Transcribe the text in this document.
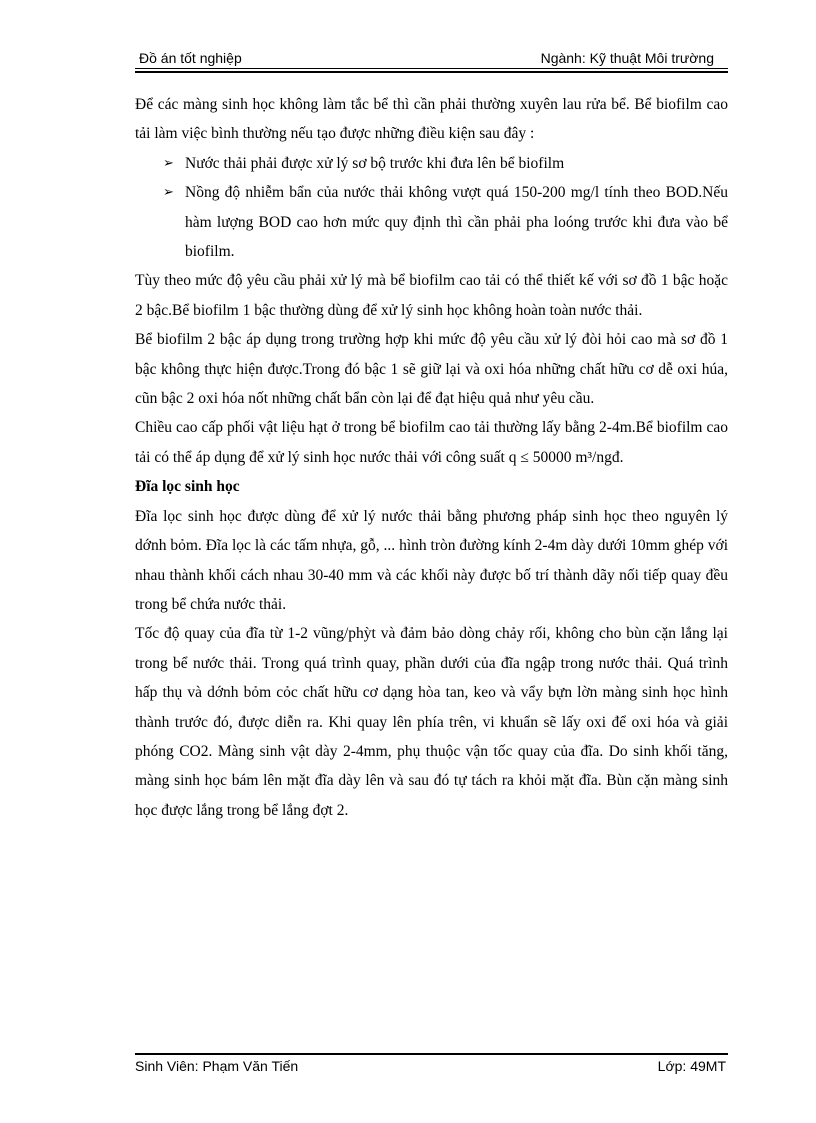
Đồ án tốt nghiệp	Ngành: Kỹ thuật Môi trường

Để các màng sinh học không làm tắc bể thì cần phải thường xuyên lau rửa bể. Bể biofilm cao tải làm việc bình thường nếu tạo được những điều kiện sau đây :

➢ Nước thải phải được xử lý sơ bộ trước khi đưa lên bể biofilm
➢ Nồng độ nhiễm bẩn của nước thải không vượt quá 150-200 mg/l tính theo BOD.Nếu hàm lượng BOD cao hơn mức quy định thì cần phải pha loóng trước khi đưa vào bể biofilm.

Tùy theo mức độ yêu cầu phải xử lý mà bể biofilm cao tải có thể thiết kế với sơ đồ 1 bậc hoặc 2 bậc.Bể biofilm 1 bậc thường dùng để xử lý sinh học không hoàn toàn nước thải.

Bể biofilm 2 bậc áp dụng trong trường hợp khi mức độ yêu cầu xử lý đòi hỏi cao mà sơ đồ 1 bậc không thực hiện được.Trong đó bậc 1 sẽ giữ lại và oxi hóa những chất hữu cơ dễ oxi húa, cũn bậc 2 oxi hóa nốt những chất bẩn còn lại để đạt hiệu quả như yêu cầu.

Chiều cao cấp phối vật liệu hạt ở trong bể biofilm cao tải thường lấy bằng 2-4m.Bể biofilm cao tải có thể áp dụng để xử lý sinh học nước thải với công suất q ≤ 50000 m³/ngđ.

Đĩa lọc sinh học

Đĩa lọc sinh học được dùng để xử lý nước thải bằng phương pháp sinh học theo nguyên lý dớnh bỏm. Đĩa lọc là các tấm nhựa, gỗ, ... hình tròn đường kính 2-4m dày dưới 10mm ghép với nhau thành khối cách nhau 30-40 mm và các khối này được bố trí thành dãy nối tiếp quay đều trong bể chứa nước thải.

Tốc độ quay của đĩa từ 1-2 vũng/phỳt và đảm bảo dòng chảy rối, không cho bùn cặn lắng lại trong bể nước thải. Trong quá trình quay, phần dưới của đĩa ngập trong nước thải. Quá trình hấp thụ và dớnh bỏm cỏc chất hữu cơ dạng hòa tan, keo và vẩy bựn lờn màng sinh học hình thành trước đó, được diễn ra. Khi quay lên phía trên, vi khuẩn sẽ lấy oxi để oxi hóa và giải phóng CO2. Màng sinh vật dày 2-4mm, phụ thuộc vận tốc quay của đĩa. Do sinh khối tăng, màng sinh học bám lên mặt đĩa dày lên và sau đó tự tách ra khỏi mặt đĩa. Bùn cặn màng sinh học được lắng trong bể lắng đợt 2.

Sinh Viên: Phạm Văn Tiến	Lớp: 49MT
